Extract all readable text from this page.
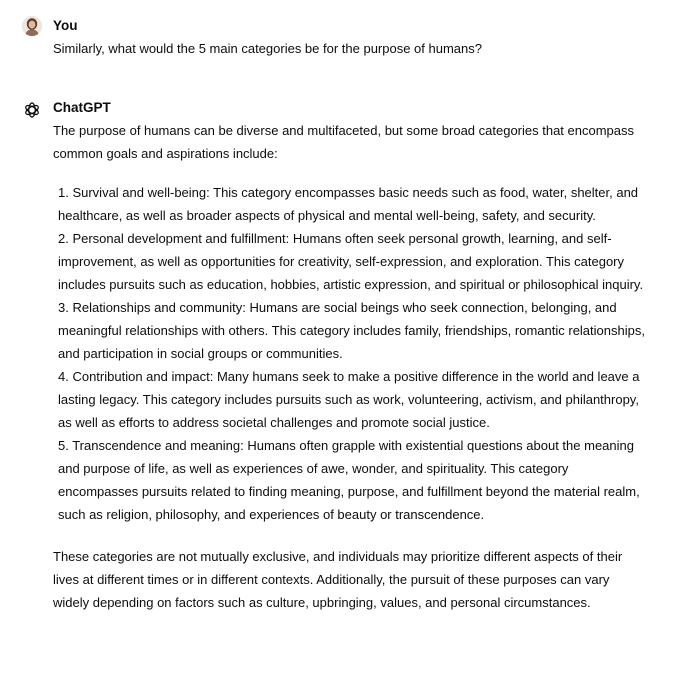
You

Similarly, what would the 5 main categories be for the purpose of humans?

ChatGPT

The purpose of humans can be diverse and multifaceted, but some broad categories that encompass common goals and aspirations include:

1. Survival and well-being: This category encompasses basic needs such as food, water, shelter, and healthcare, as well as broader aspects of physical and mental well-being, safety, and security.
2. Personal development and fulfillment: Humans often seek personal growth, learning, and self-improvement, as well as opportunities for creativity, self-expression, and exploration. This category includes pursuits such as education, hobbies, artistic expression, and spiritual or philosophical inquiry.
3. Relationships and community: Humans are social beings who seek connection, belonging, and meaningful relationships with others. This category includes family, friendships, romantic relationships, and participation in social groups or communities.
4. Contribution and impact: Many humans seek to make a positive difference in the world and leave a lasting legacy. This category includes pursuits such as work, volunteering, activism, and philanthropy, as well as efforts to address societal challenges and promote social justice.
5. Transcendence and meaning: Humans often grapple with existential questions about the meaning and purpose of life, as well as experiences of awe, wonder, and spirituality. This category encompasses pursuits related to finding meaning, purpose, and fulfillment beyond the material realm, such as religion, philosophy, and experiences of beauty or transcendence.

These categories are not mutually exclusive, and individuals may prioritize different aspects of their lives at different times or in different contexts. Additionally, the pursuit of these purposes can vary widely depending on factors such as culture, upbringing, values, and personal circumstances.
